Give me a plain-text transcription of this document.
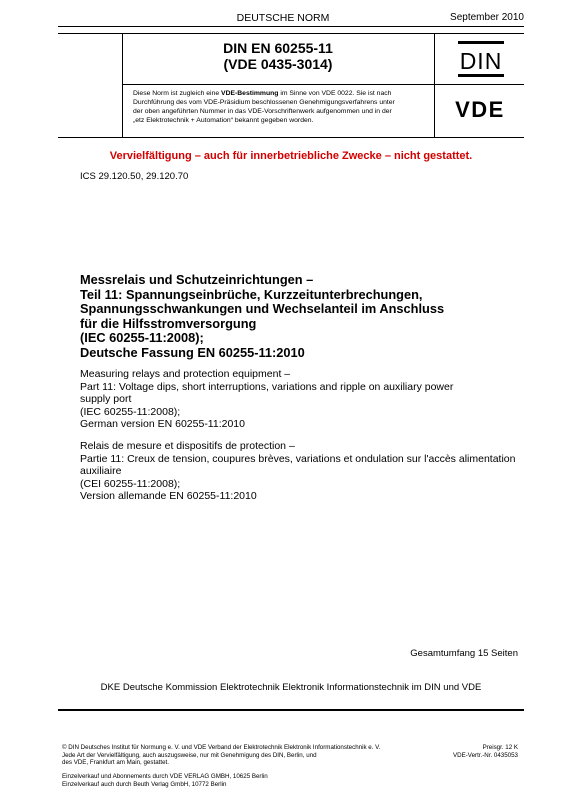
DEUTSCHE NORM	September 2010
DIN EN 60255-11
(VDE 0435-3014)	DIN
VDE
Diese Norm ist zugleich eine VDE-Bestimmung im Sinne von VDE 0022. Sie ist nach
Durchführung des vom VDE-Präsidium beschlossenen Genehmigungsverfahrens unter
der oben angeführten Nummer in das VDE-Vorschriftenwerk aufgenommen und in der
„etz Elektrotechnik + Automation“ bekannt gegeben worden.
Vervielfältigung – auch für innerbetriebliche Zwecke – nicht gestattet.
ICS 29.120.50, 29.120.70
Messrelais und Schutzeinrichtungen –
Teil 11: Spannungseinbrüche, Kurzzeitunterbrechungen,
Spannungsschwankungen und Wechselanteil im Anschluss
für die Hilfsstromversorgung
(IEC 60255-11:2008);
Deutsche Fassung EN 60255-11:2010
Measuring relays and protection equipment –
Part 11: Voltage dips, short interruptions, variations and ripple on auxiliary power
supply port
(IEC 60255-11:2008);
German version EN 60255-11:2010
Relais de mesure et dispositifs de protection –
Partie 11: Creux de tension, coupures brèves, variations et ondulation sur l'accès alimentation
auxiliaire
(CEI 60255-11:2008);
Version allemande EN 60255-11:2010
Gesamtumfang 15 Seiten
DKE Deutsche Kommission Elektrotechnik Elektronik Informationstechnik im DIN und VDE
© DIN Deutsches Institut für Normung e. V. und VDE Verband der Elektrotechnik Elektronik Informationstechnik e. V.
Jede Art der Vervielfältigung, auch auszugsweise, nur mit Genehmigung des DIN, Berlin, und
des VDE, Frankfurt am Main, gestattet.
Einzelverkauf und Abonnements durch VDE VERLAG GMBH, 10625 Berlin
Einzelverkauf auch durch Beuth Verlag GmbH, 10772 Berlin
Preisgr. 12 K
VDE-Vertr.-Nr. 0435053
